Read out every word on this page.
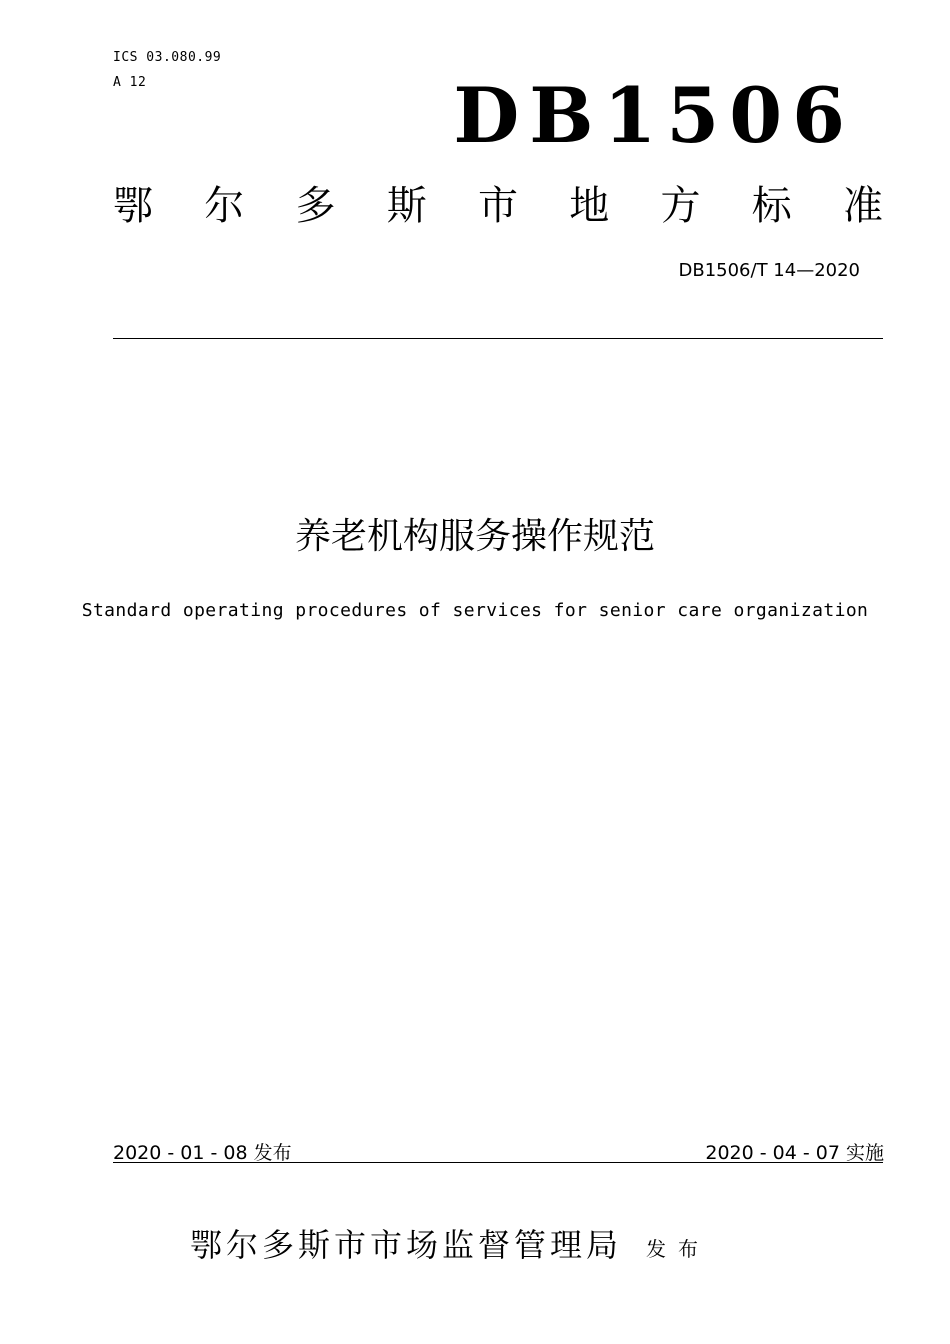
ICS 03.080.99
A 12	DB1506
鄂 尔 多 斯 市 地 方 标 准
DB1506/T 14—2020
养老机构服务操作规范
Standard operating procedures of services for senior care organization
2020 - 01 - 08 发布	2020 - 04 - 07 实施
鄂尔多斯市市场监督管理局 发布
